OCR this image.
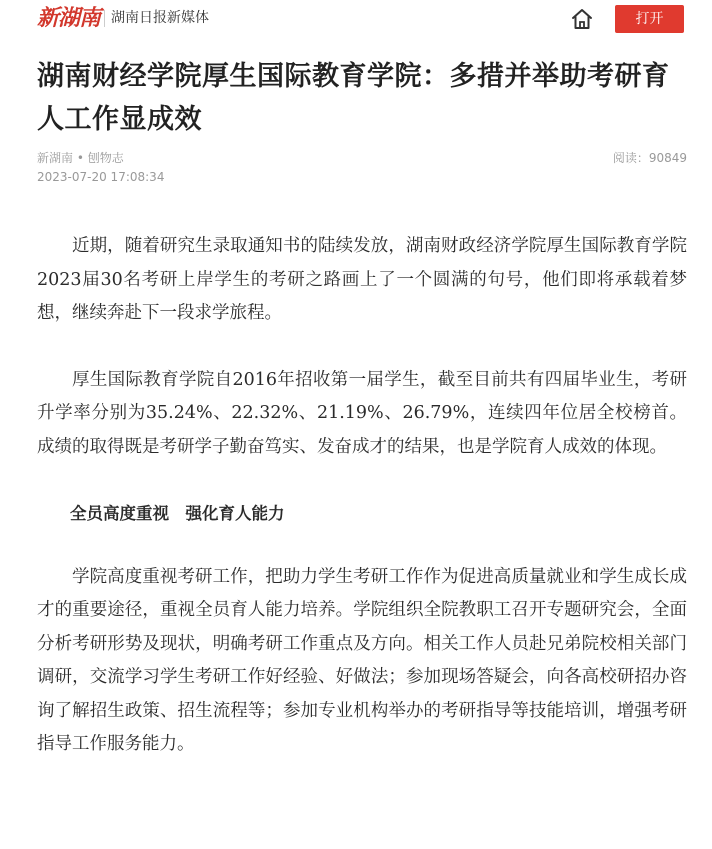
新湖南 湖南日报新媒体	打开
湖南财经学院厚生国际教育学院：多措并举助考研育人工作显成效
新湖南 • 刨物志	阅读：90849
2023-07-20 17:08:34

近期，随着研究生录取通知书的陆续发放，湖南财政经济学院厚生国际教育学院2023届30名考研上岸学生的考研之路画上了一个圆满的句号，他们即将承载着梦想，继续奔赴下一段求学旅程。

厚生国际教育学院自2016年招收第一届学生，截至目前共有四届毕业生，考研升学率分别为35.24%、22.32%、21.19%、26.79%，连续四年位居全校榜首。成绩的取得既是考研学子勤奋笃实、发奋成才的结果，也是学院育人成效的体现。

全员高度重视　强化育人能力

学院高度重视考研工作，把助力学生考研工作作为促进高质量就业和学生成长成才的重要途径，重视全员育人能力培养。学院组织全院教职工召开专题研究会，全面分析考研形势及现状，明确考研工作重点及方向。相关工作人员赴兄弟院校相关部门调研，交流学习学生考研工作好经验、好做法；参加现场答疑会，向各高校研招办咨询了解招生政策、招生流程等；参加专业机构举办的考研指导等技能培训，增强考研指导工作服务能力。
